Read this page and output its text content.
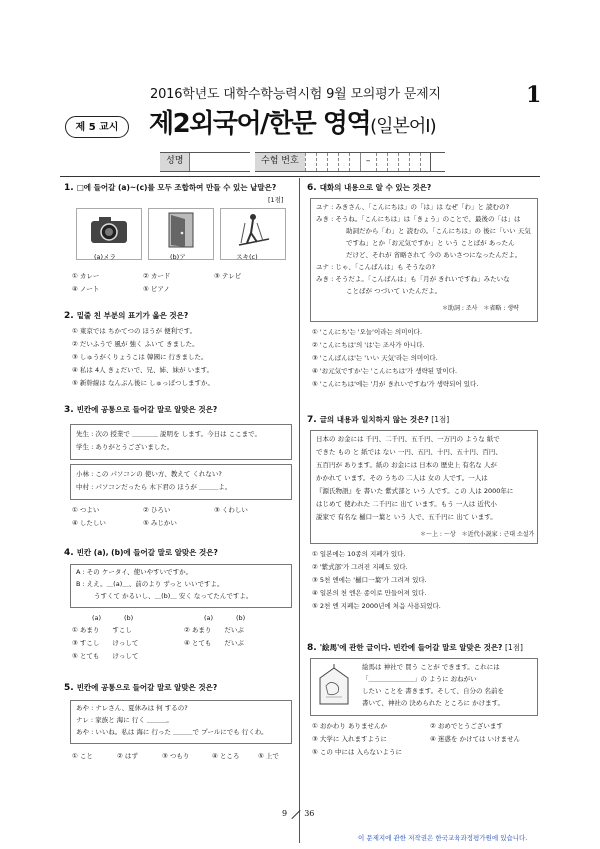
2016학년도 대학수학능력시험 9월 모의평가 문제지	1
제 5 교시	제2외국어/한문 영역(일본어Ⅰ)
성명	수험 번호	–
1. □에 들어갈 (a)~(c)를 모두 조합하여 만들 수 있는 낱말은?
[1점]
(a)メラ	(b)ア	スキ(c)
① カレー	② カード	③ テレビ
④ ノート	⑤ ピアノ
2. 밑줄 친 부분의 표기가 옳은 것은?
① 東京では ちかてつの ほうが 便利です。
② だいふうで 風が 強く ふいて きました。
③ しゅうがくりょうこは 韓國に 行きました。
④ 私は 4人 きょだいで、兄、姉、妹が います。
⑤ 新幹線は なんぶん後に しゅっぱつしますか。
3. 빈칸에 공통으로 들어갈 말로 알맞은 것은?
先生 : 次の 授業で ＿＿＿＿ 説明を します。今日は ここまで。
学生 : ありがとうございました。
小林 : この パソコンの 使い方、教えて くれない?
中村 : パソコンだったら 木下君の ほうが ＿＿＿よ。
① つよい	② ひろい	③ くわしい
④ したしい	⑤ みじかい
4. 빈칸 (a), (b)에 들어갈 말로 알맞은 것은?
A : その ケータイ、使いやすいですか。
B : ええ。＿(a)＿、前のより ずっと いいですよ。
うすくて かるいし、＿(b)＿ 安く なってたんですよ。
(a)	(b)	(a)	(b)
① あまり　　すこし	② あまり　　だいぶ
③ すこし　　けっして	④ とても　　だいぶ
⑤ とても　　けっして
5. 빈칸에 공통으로 들어갈 말로 알맞은 것은?
あや : ナレさん、夏休みは 何 するの?
ナレ : 家族と 海に 行く ＿＿＿。
あや : いいね。私は 海に 行った ＿＿＿で プールにでも 行くわ。
① こと	② はず	③ つもり	④ ところ	⑤ 上で
6. 대화의 내용으로 알 수 있는 것은?
ユナ : みきさん、「こんにちは」の「は」は なぜ「わ」と 読むの?
みき : そうね。「こんにちは」は「きょう」のことで、最後の「は」は
助詞だから「わ」と 読むの。「こんにちは」の 後に「いい 天気
ですね」とか「お元気ですか」と いう ことばが あったん
だけど、それが 省略されて 今の あいさつになったんだよ。
ユナ : じゃ、「こんばんは」も そうなの?
みき : そうだよ。「こんばんは」も「月が きれいですね」みたいな
ことばが つづいて いたんだよ。
＊助詞 : 조사　＊省略 : 생략
① 'こんにち'는 '오늘'이라는 의미이다.
② 'こんにちは'의 'は'는 조사가 아니다.
③ 'こんばんは'는 'いい 天気'라는 의미이다.
④ 'お元気ですか'는 'こんにちは'가 생략된 말이다.
⑤ 'こんにちは'에는 '月が きれいですね'가 생략되어 있다.
7. 글의 내용과 일치하지 않는 것은? [1점]
日本の お金には 千円、二千円、五千円、一万円の ような 紙で
できた もの と 紙では ない 一円、五円、十円、五十円、百円、
五百円が あります。紙の お金には 日本の 歴史上 有名な 人が
かかれて います。その うちの 二人は 女の 人です。一人は
『源氏物語』を 書いた 紫式部と いう 人です。この 人は 2000年に
はじめて 使われた 二千円に 出て います。もう 一人は 近代小
説家で 有名な 樋口一葉と いう 人で、五千円に 出て います。
＊～上 : ～상　＊近代小説家 : 근대 소설가
① 일본에는 10종의 지폐가 있다.
② '紫式部'가 그려진 지폐도 있다.
③ 5천 엔에는 '樋口一葉'가 그려져 있다.
④ 일본의 천 엔은 종이로 만들어져 있다.
⑤ 2천 엔 지폐는 2000년에 처음 사용되었다.
8. '絵馬'에 관한 글이다. 빈칸에 들어갈 말로 알맞은 것은? [1점]
絵馬は 神社で 買う ことが できます。これには
「＿＿＿＿＿＿＿」の ように おねがい
したい ことを 書きます。そして、自分の 名前を
書いて、神社の 決められた ところに かけます。
① おかわり ありませんか	② おめでとうございます
③ 大学に 入れますように	④ 迷惑を かけては いけません
⑤ この 中には 入らないように
9 36
이 문제지에 관한 저작권은 한국교육과정평가원에 있습니다.
